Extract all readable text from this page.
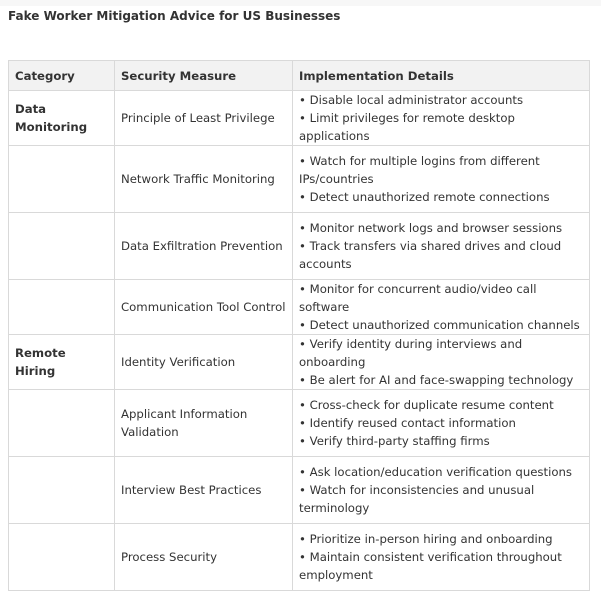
Fake Worker Mitigation Advice for US Businesses
Category	Security Measure	Implementation Details
Data Monitoring	Principle of Least Privilege	• Disable local administrator accounts
• Limit privileges for remote desktop applications

	Network Traffic Monitoring	• Watch for multiple logins from different IPs/countries
• Detect unauthorized remote connections

	Data Exfiltration Prevention	• Monitor network logs and browser sessions
• Track transfers via shared drives and cloud accounts

	Communication Tool Control	• Monitor for concurrent audio/video call software
• Detect unauthorized communication channels

Remote Hiring	Identity Verification	• Verify identity during interviews and onboarding
• Be alert for AI and face-swapping technology

	Applicant Information Validation	• Cross-check for duplicate resume content
• Identify reused contact information
• Verify third-party staffing firms

	Interview Best Practices	• Ask location/education verification questions
• Watch for inconsistencies and unusual terminology

	Process Security	• Prioritize in-person hiring and onboarding
• Maintain consistent verification throughout employment
